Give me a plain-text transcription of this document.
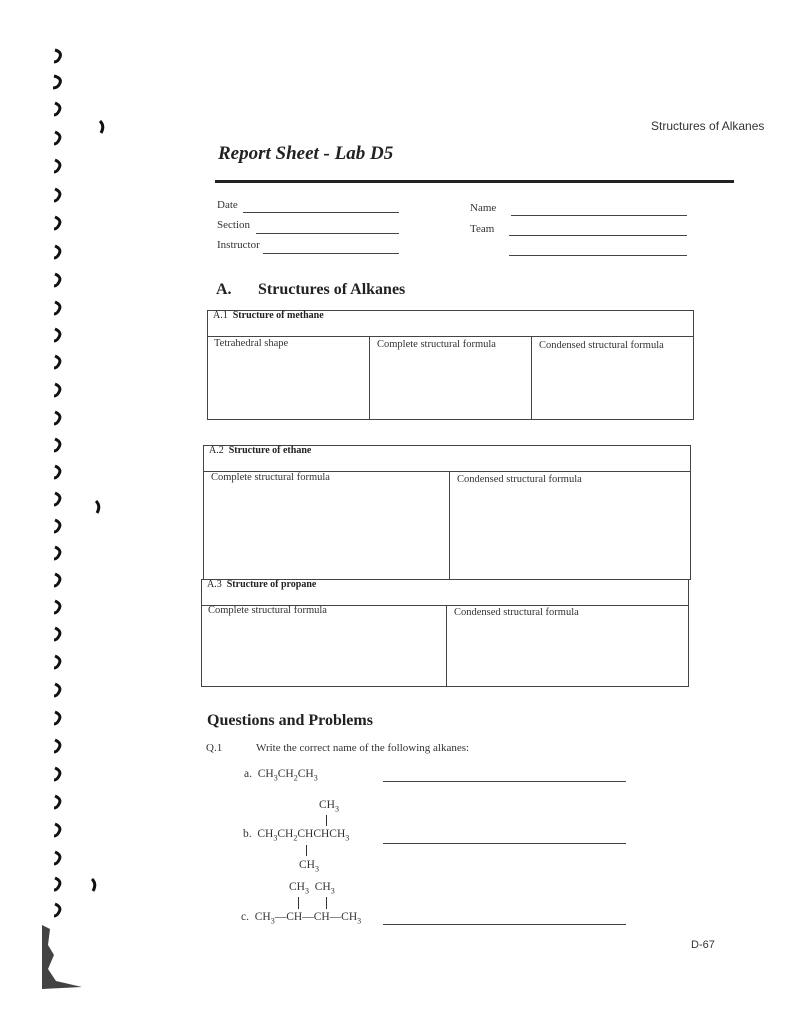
Structures of Alkanes
Report Sheet - Lab D5
Date
Section
Instructor
Name
Team
A. Structures of Alkanes
A.1 Structure of methane
Tetrahedral shape	Complete structural formula	Condensed structural formula
A.2 Structure of ethane
Complete structural formula	Condensed structural formula
A.3 Structure of propane
Complete structural formula	Condensed structural formula
Questions and Problems
Q.1	Write the correct name of the following alkanes:
a.  $CH_3CH_2CH_3$
$CH_3$
b.  $CH_3CH_2CHCHCH_3$
$CH_3$
$CH_3$  $CH_3$
c.  $CH_3—CH—CH—CH_3$
D-67
